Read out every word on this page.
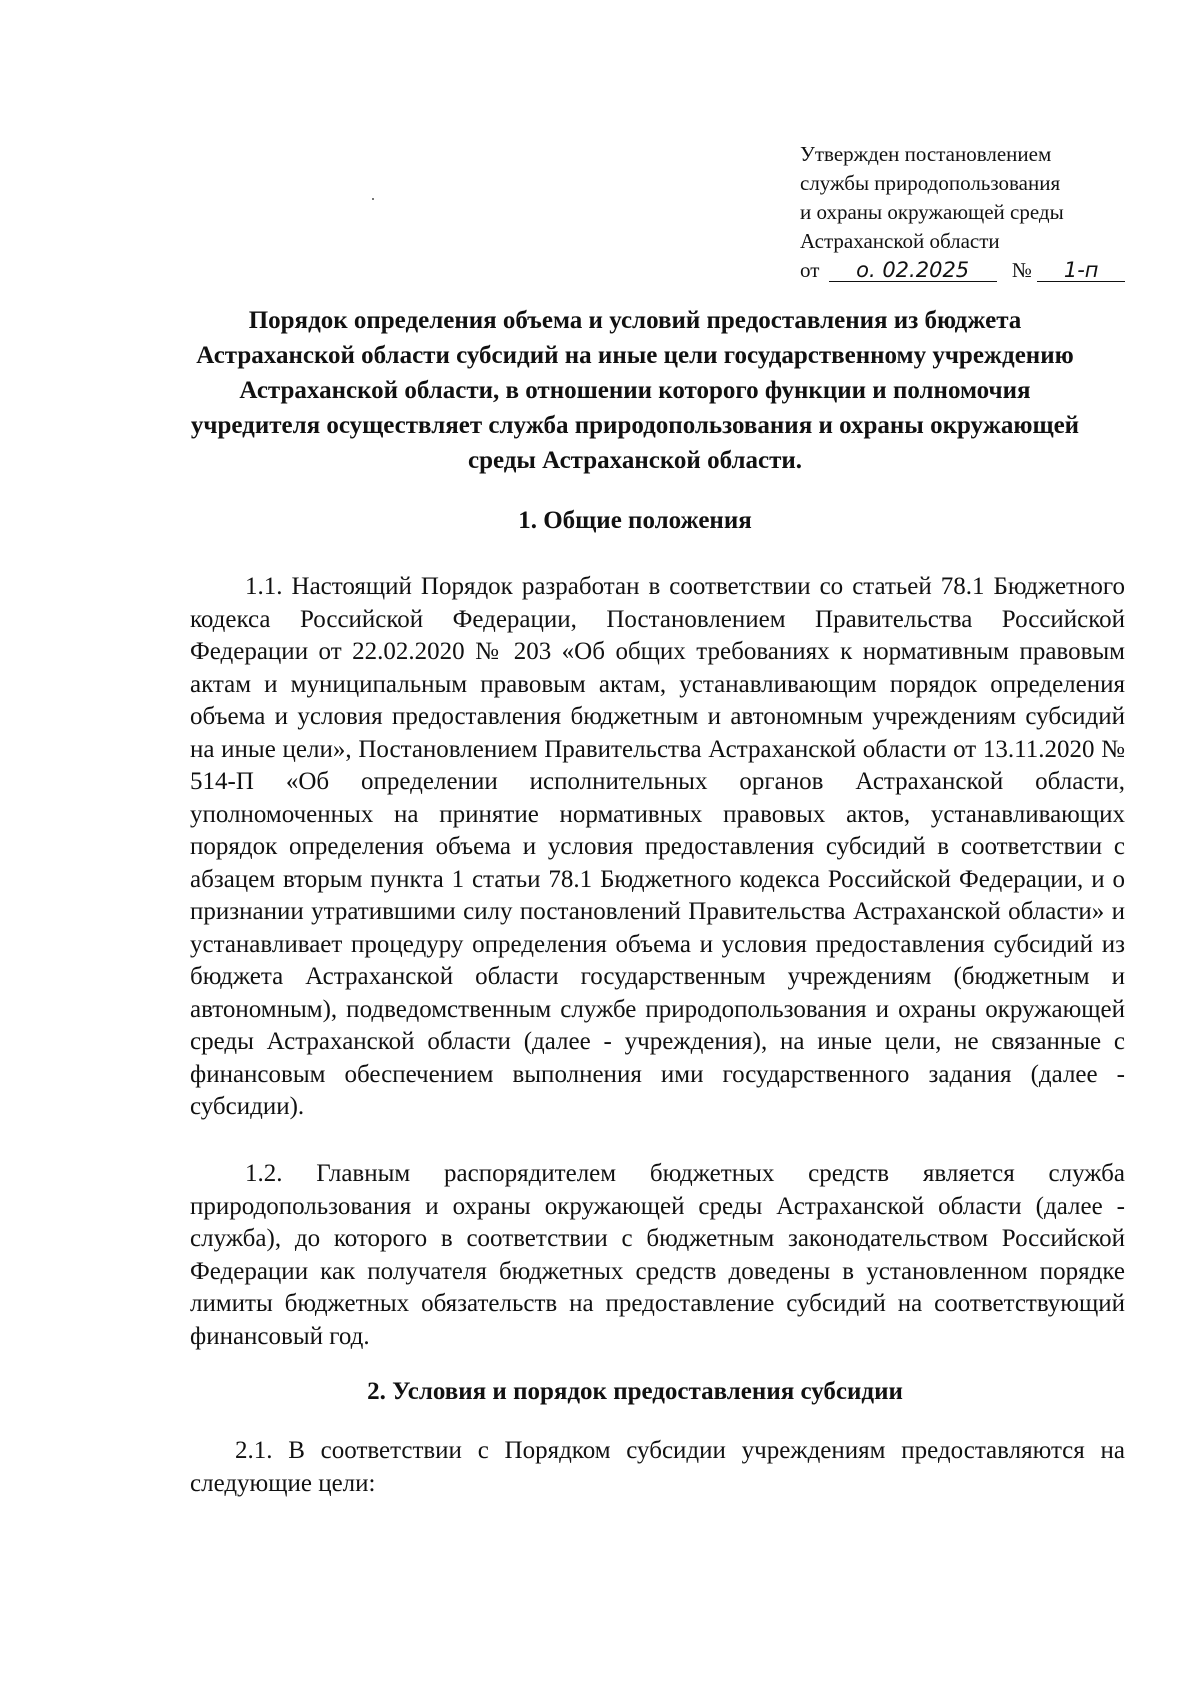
Утвержден постановлением
службы природопользования
и охраны окружающей среды
Астраханской области
от о. 02.2025 № 1-п
Порядок определения объема и условий предоставления из бюджета Астраханской области субсидий на иные цели государственному учреждению Астраханской области, в отношении которого функции и полномочия учредителя осуществляет служба природопользования и охраны окружающей среды Астраханской области.
1. Общие положения
1.1. Настоящий Порядок разработан в соответствии со статьей 78.1 Бюджетного кодекса Российской Федерации, Постановлением Правительства Российской Федерации от 22.02.2020 № 203 «Об общих требованиях к нормативным правовым актам и муниципальным правовым актам, устанавливающим порядок определения объема и условия предоставления бюджетным и автономным учреждениям субсидий на иные цели», Постановлением Правительства Астраханской области от 13.11.2020 № 514-П «Об определении исполнительных органов Астраханской области, уполномоченных на принятие нормативных правовых актов, устанавливающих порядок определения объема и условия предоставления субсидий в соответствии с абзацем вторым пункта 1 статьи 78.1 Бюджетного кодекса Российской Федерации, и о признании утратившими силу постановлений Правительства Астраханской области» и устанавливает процедуру определения объема и условия предоставления субсидий из бюджета Астраханской области государственным учреждениям (бюджетным и автономным), подведомственным службе природопользования и охраны окружающей среды Астраханской области (далее - учреждения), на иные цели, не связанные с финансовым обеспечением выполнения ими государственного задания (далее - субсидии).
1.2. Главным распорядителем бюджетных средств является служба природопользования и охраны окружающей среды Астраханской области (далее - служба), до которого в соответствии с бюджетным законодательством Российской Федерации как получателя бюджетных средств доведены в установленном порядке лимиты бюджетных обязательств на предоставление субсидий на соответствующий финансовый год.
2. Условия и порядок предоставления субсидии
2.1. В соответствии с Порядком субсидии учреждениям предоставляются на следующие цели:
